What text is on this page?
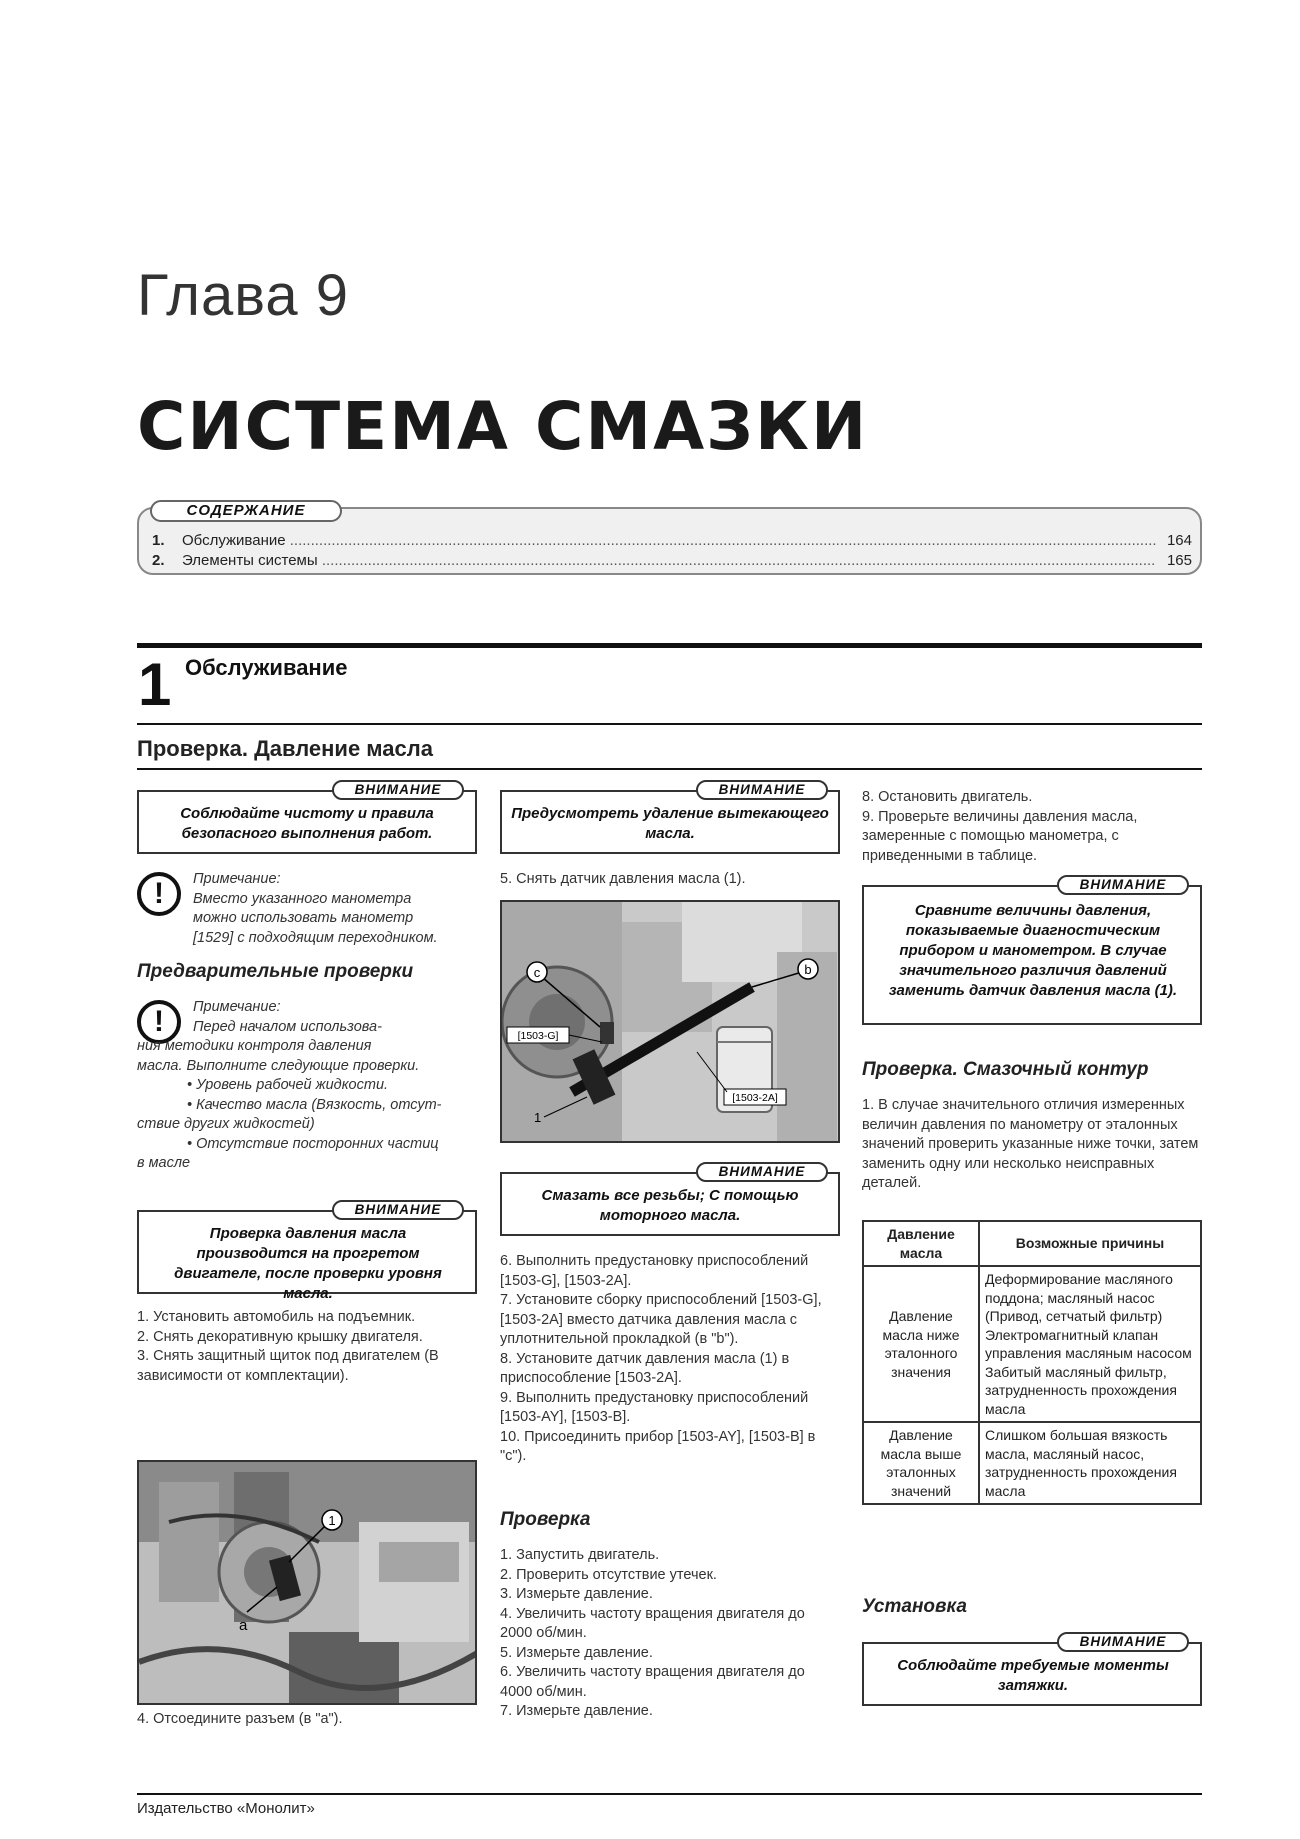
Глава 9
СИСТЕМА СМАЗКИ
СОДЕРЖАНИЕ
1.	Обслуживание .....	164
2.	Элементы системы .....	165
1 Обслуживание
Проверка. Давление масла
Соблюдайте чистоту и правила безопасного выполнения работ.
ВНИМАНИЕ
!	Примечание:
Вместо указанного манометра
можно использовать манометр
[1529] с подходящим переходником.
Предварительные проверки
!	Примечание:
Перед началом использова-
ния методики контроля давления
масла. Выполните следующие проверки.
• Уровень рабочей жидкости.
• Качество масла (Вязкость, отсут-
ствие других жидкостей)
• Отсутствие посторонних частиц
в масле
Проверка давления масла производится на прогретом двигателе, после проверки уровня масла.
ВНИМАНИЕ

1. Установить автомобиль на подъемник.

2. Снять декоративную крышку двигателя.

3. Снять защитный щиток под двигателем (В зависимости от комплектации).

1
a
4. Отсоедините разъем (в "a").
Предусмотреть удаление вытекающего масла.
ВНИМАНИЕ
5. Снять датчик давления масла (1).
c	b
[1503-G]
[1503-2A]
1
Смазать все резьбы; С помощью моторного масла.
ВНИМАНИЕ

6. Выполнить предустановку приспособлений [1503-G], [1503-2A].

7. Установите сборку приспособлений [1503-G], [1503-2A] вместо датчика давления масла с уплотнительной прокладкой (в "b").

8. Установите датчик давления масла (1) в приспособление [1503-2A].

9. Выполнить предустановку приспособлений [1503-AY], [1503-B].

10. Присоединить прибор [1503-AY], [1503-B] в "c").

Проверка

1. Запустить двигатель.

2. Проверить отсутствие утечек.

3. Измерьте давление.

4. Увеличить частоту вращения двигателя до 2000 об/мин.

5. Измерьте давление.

6. Увеличить частоту вращения двигателя до 4000 об/мин.

7. Измерьте давление.

8. Остановить двигатель.

9. Проверьте величины давления масла, замеренные с помощью манометра, с приведенными в таблице.

Сравните величины давления, показываемые диагностическим прибором и манометром. В случае значительного различия давлений заменить датчик давления масла (1).
ВНИМАНИЕ
Проверка. Смазочный контур
1. В случае значительного отличия измеренных величин давления по манометру от эталонных значений проверить указанные ниже точки, затем заменить одну или несколько неисправных деталей.
Давление масла	Возможные причины
Давление масла ниже эталонного значения	Деформирование масляного поддона; масляный насос (Привод, сетчатый фильтр) Электромагнитный клапан управления масляным насосом Забитый масляный фильтр, затрудненность прохождения масла
Давление масла выше эталонных значений	Слишком большая вязкость масла, масляный насос, затрудненность прохождения масла
Установка
Соблюдайте требуемые моменты затяжки.
ВНИМАНИЕ
Издательство «Монолит»
